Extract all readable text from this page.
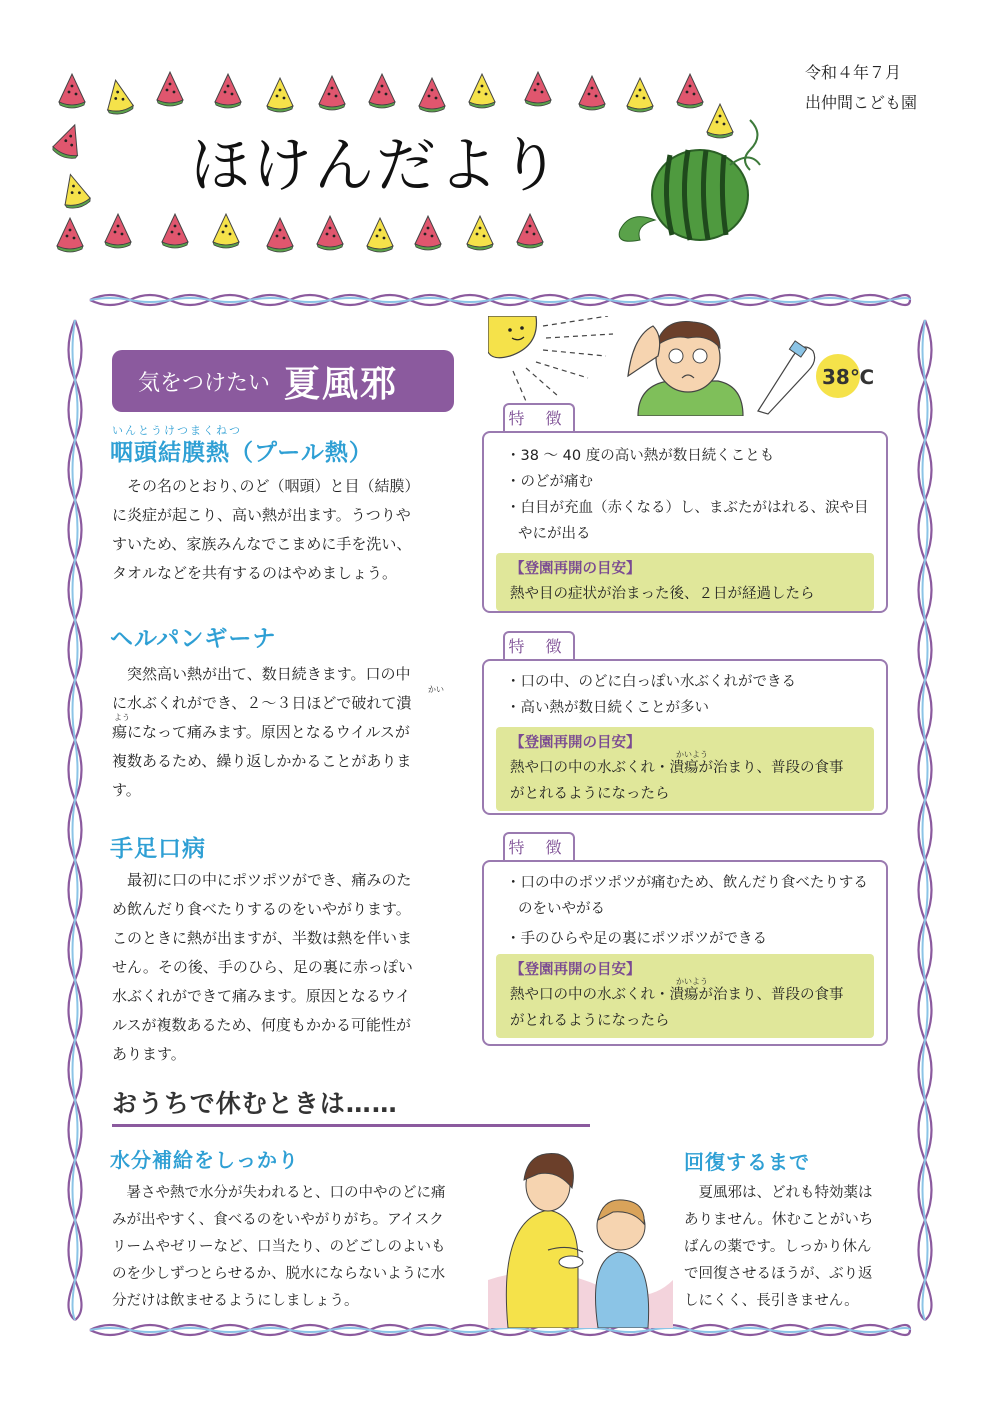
令和４年７月
出仲間こども園
ほけんだより
38℃
気をつけたい 夏風邪
いんとうけつまくねつ
咽頭結膜熱（プール熱）
　その名のとおり､のど（咽頭）と目（結膜）
に炎症が起こり、高い熱が出ます。うつりや
すいため、家族みんなでこまめに手を洗い、
タオルなどを共有するのはやめましょう。
ヘルパンギーナ
かい
よう
　突然高い熱が出て、数日続きます。口の中
に水ぶくれができ、２～３日ほどで破れて潰
瘍になって痛みます。原因となるウイルスが
複数あるため、繰り返しかかることがありま
す。
手足口病
　最初に口の中にポツポツができ、痛みのた
め飲んだり食べたりするのをいやがります。
このときに熱が出ますが、半数は熱を伴いま
せん。その後、手のひら、足の裏に赤っぽい
水ぶくれができて痛みます。原因となるウイ
ルスが複数あるため、何度もかかる可能性が
あります。
特 徴
・ 38 ～ 40 度の高い熱が数日続くことも
・ のどが痛む
・ 白目が充血（赤くなる）し、まぶたがはれる、涙や目やにが出る
【登園再開の目安】
熱や目の症状が治まった後、２日が経過したら
特 徴
・ 口の中、のどに白っぽい水ぶくれができる
・ 高い熱が数日続くことが多い
【登園再開の目安】
かいよう
熱や口の中の水ぶくれ・潰瘍が治まり、普段の食事
がとれるようになったら
特 徴
・ 口の中のポツポツが痛むため、飲んだり食べたりするのをいやがる
・ 手のひらや足の裏にポツポツができる
【登園再開の目安】
かいよう
熱や口の中の水ぶくれ・潰瘍が治まり、普段の食事
がとれるようになったら
おうちで休むときは……
水分補給をしっかり
　暑さや熱で水分が失われると、口の中やのどに痛
みが出やすく、食べるのをいやがりがち。アイスク
リームやゼリーなど、口当たり、のどごしのよいも
のを少しずつとらせるか、脱水にならないように水
分だけは飲ませるようにしましょう。
回復するまで
　夏風邪は、どれも特効薬は
ありません。休むことがいち
ばんの薬です。しっかり休ん
で回復させるほうが、ぶり返
しにくく、長引きません。
